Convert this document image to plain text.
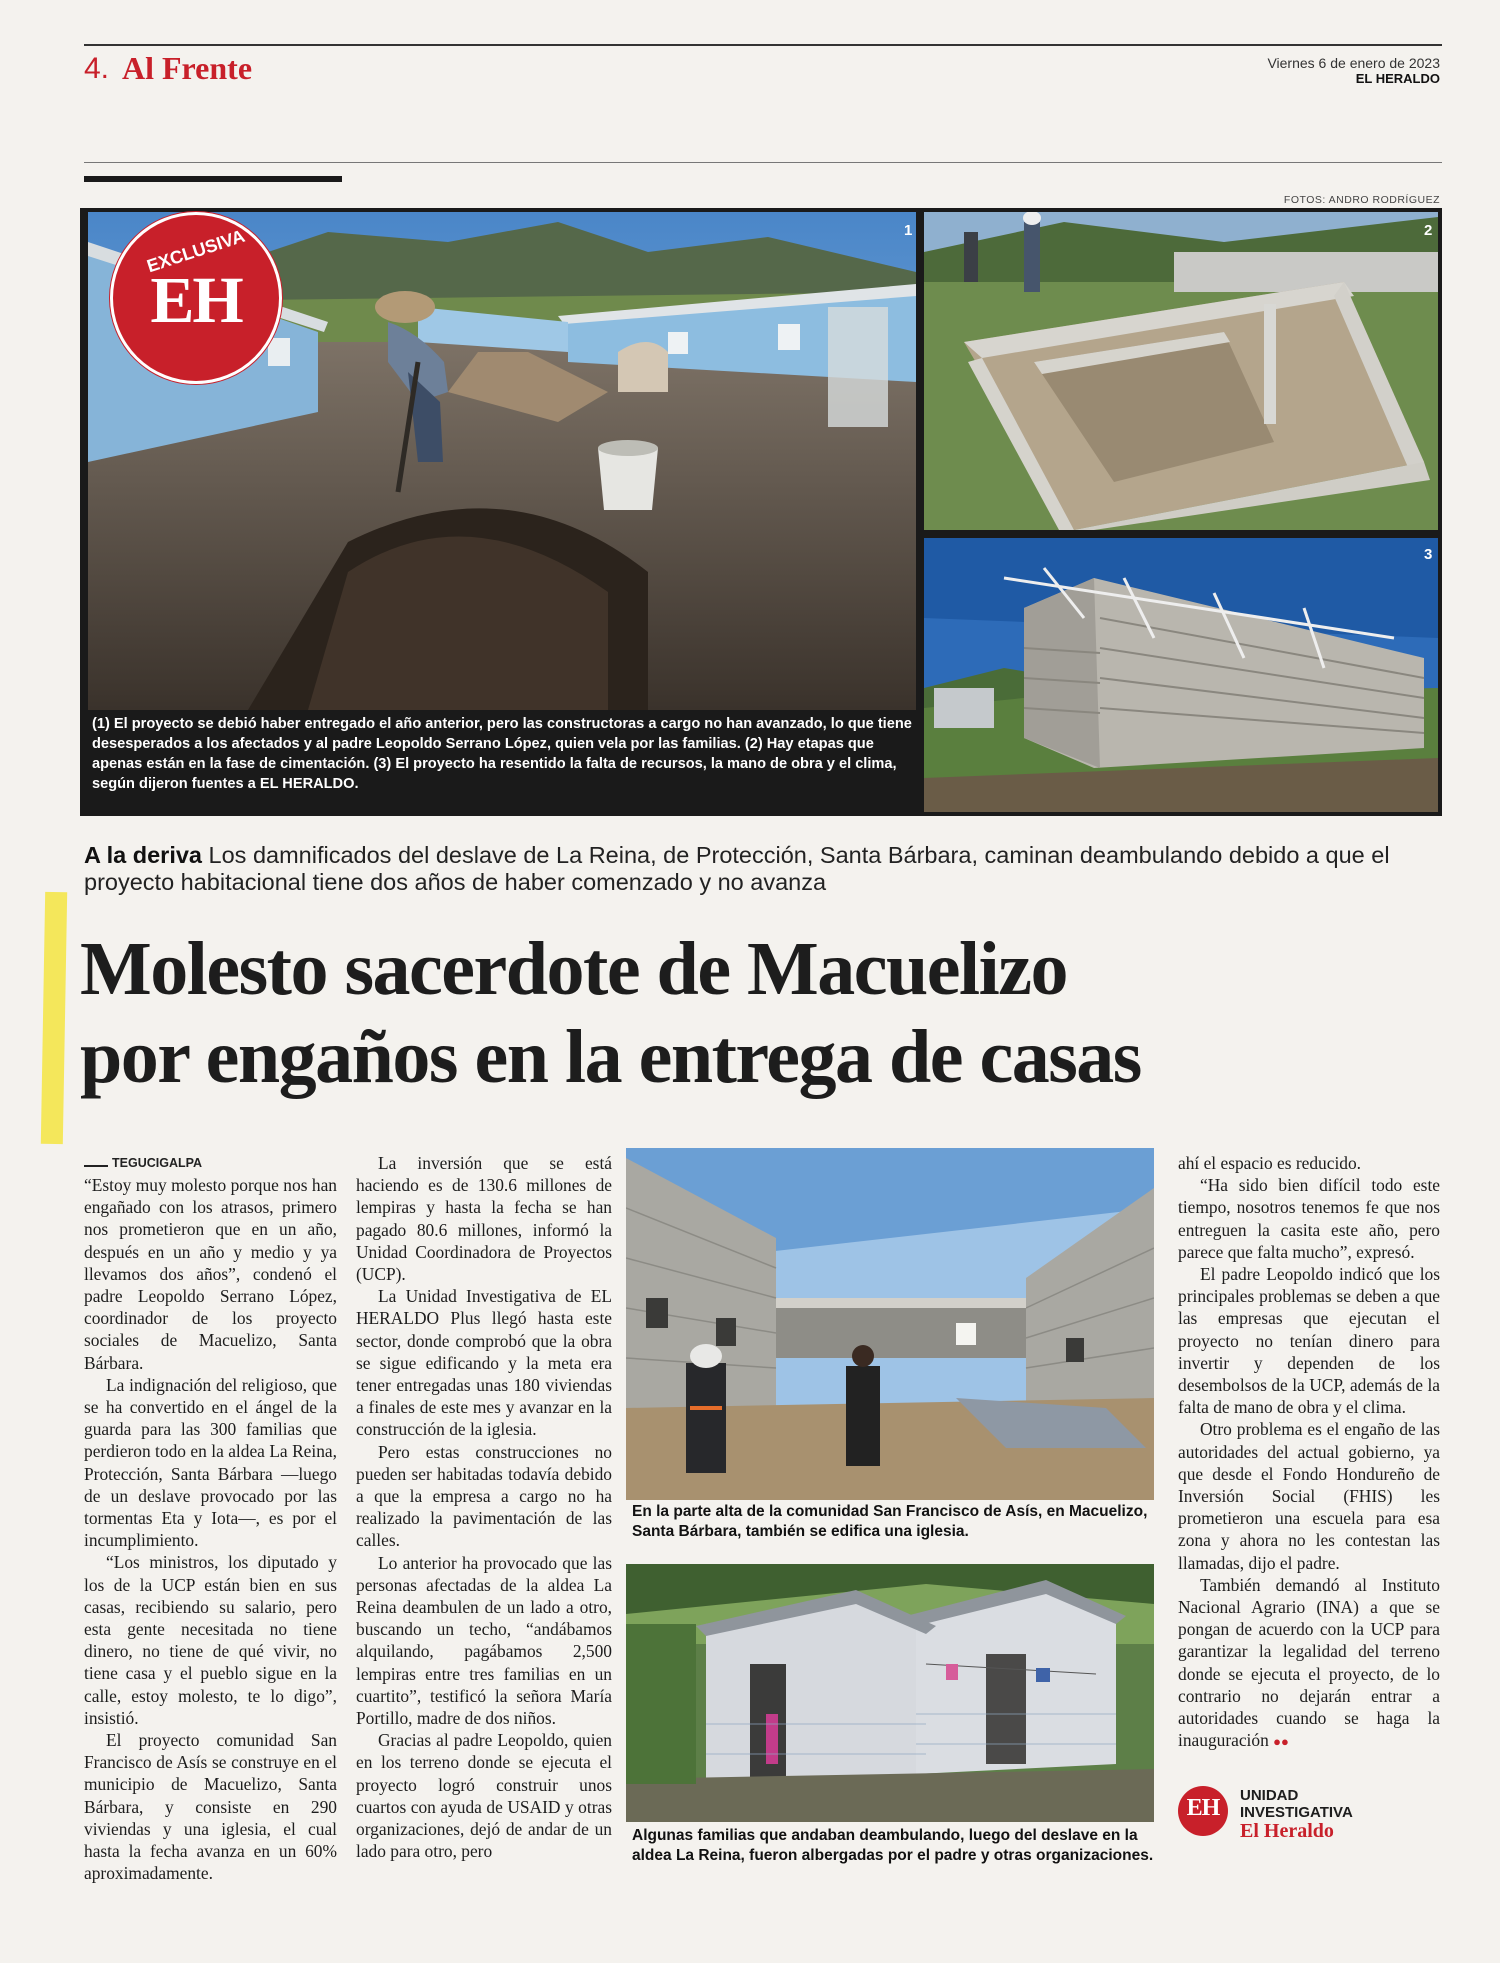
4. Al Frente	Viernes 6 de enero de 2023
EL HERALDO
FOTOS: ANDRO RODRÍGUEZ
1
EXCLUSIVA
EH
2
3
(1) El proyecto se debió haber entregado el año anterior, pero las constructoras a cargo no han avanzado, lo que tiene desesperados a los afectados y al padre Leopoldo Serrano López, quien vela por las familias. (2) Hay etapas que apenas están en la fase de cimentación. (3) El proyecto ha resentido la falta de recursos, la mano de obra y el clima, según dijeron fuentes a EL HERALDO.
A la deriva Los damnificados del deslave de La Reina, de Protección, Santa Bárbara, caminan deambulando debido a que el proyecto habitacional tiene dos años de haber comenzado y no avanza
Molesto sacerdote de Macuelizo
por engaños en la entrega de casas
TEGUCIGALPA

“Estoy muy molesto porque nos han engañado con los atrasos, primero nos prometieron que en un año, después en un año y medio y ya llevamos dos años”, condenó el padre Leopoldo Serrano López, coordinador de los proyecto sociales de Macuelizo, Santa Bárbara.

La indignación del religioso, que se ha convertido en el ángel de la guarda para las 300 familias que perdieron todo en la aldea La Reina, Protección, Santa Bárbara —luego de un deslave provocado por las tormentas Eta y Iota—, es por el incumplimiento.

“Los ministros, los diputado y los de la UCP están bien en sus casas, recibiendo su salario, pero esta gente necesitada no tiene dinero, no tiene de qué vivir, no tiene casa y el pueblo sigue en la calle, estoy molesto, te lo digo”, insistió.

El proyecto comunidad San Francisco de Asís se construye en el municipio de Macuelizo, Santa Bárbara, y consiste en 290 viviendas y una iglesia, el cual hasta la fecha avanza en un 60% aproximadamente.

La inversión que se está haciendo es de 130.6 millones de lempiras y hasta la fecha se han pagado 80.6 millones, informó la Unidad Coordinadora de Proyectos (UCP).

La Unidad Investigativa de EL HERALDO Plus llegó hasta este sector, donde comprobó que la obra se sigue edificando y la meta era tener entregadas unas 180 viviendas a finales de este mes y avanzar en la construcción de la iglesia.

Pero estas construcciones no pueden ser habitadas todavía debido a que la empresa a cargo no ha realizado la pavimentación de las calles.

Lo anterior ha provocado que las personas afectadas de la aldea La Reina deambulen de un lado a otro, buscando un techo, “andábamos alquilando, pagábamos 2,500 lempiras entre tres familias en un cuartito”, testificó la señora María Portillo, madre de dos niños.

Gracias al padre Leopoldo, quien en los terreno donde se ejecuta el proyecto logró construir unos cuartos con ayuda de USAID y otras organizaciones, dejó de andar de un lado para otro, pero

En la parte alta de la comunidad San Francisco de Asís, en Macuelizo, Santa Bárbara, también se edifica una iglesia.
Algunas familias que andaban deambulando, luego del deslave en la aldea La Reina, fueron albergadas por el padre y otras organizaciones.

ahí el espacio es reducido.

“Ha sido bien difícil todo este tiempo, nosotros tenemos fe que nos entreguen la casita este año, pero parece que falta mucho”, expresó.

El padre Leopoldo indicó que los principales problemas se deben a que las empresas que ejecutan el proyecto no tenían dinero para invertir y dependen de los desembolsos de la UCP, además de la falta de mano de obra y el clima.

Otro problema es el engaño de las autoridades del actual gobierno, ya que desde el Fondo Hondureño de Inversión Social (FHIS) les prometieron una escuela para esa zona y ahora no les contestan las llamadas, dijo el padre.

También demandó al Instituto Nacional Agrario (INA) a que se pongan de acuerdo con la UCP para garantizar la legalidad del terreno donde se ejecuta el proyecto, de lo contrario no dejarán entrar a autoridades cuando se haga la inauguración ●●

EH	UNIDAD
INVESTIGATIVA
El Heraldo
